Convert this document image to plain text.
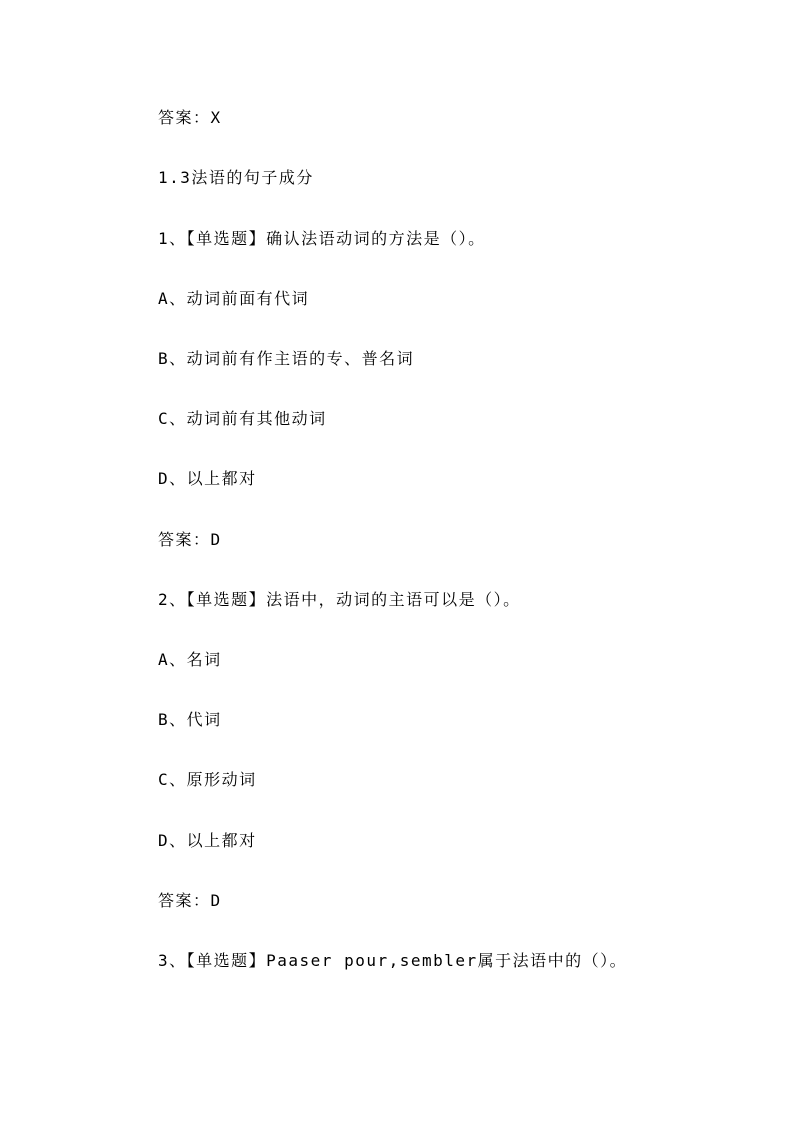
答案：X
1.3法语的句子成分
1、【单选题】确认法语动词的方法是（）。
A、动词前面有代词
B、动词前有作主语的专、普名词
C、动词前有其他动词
D、以上都对
答案：D
2、【单选题】法语中，动词的主语可以是（）。
A、名词
B、代词
C、原形动词
D、以上都对
答案：D
3、【单选题】Paaser pour,sembler属于法语中的（）。
